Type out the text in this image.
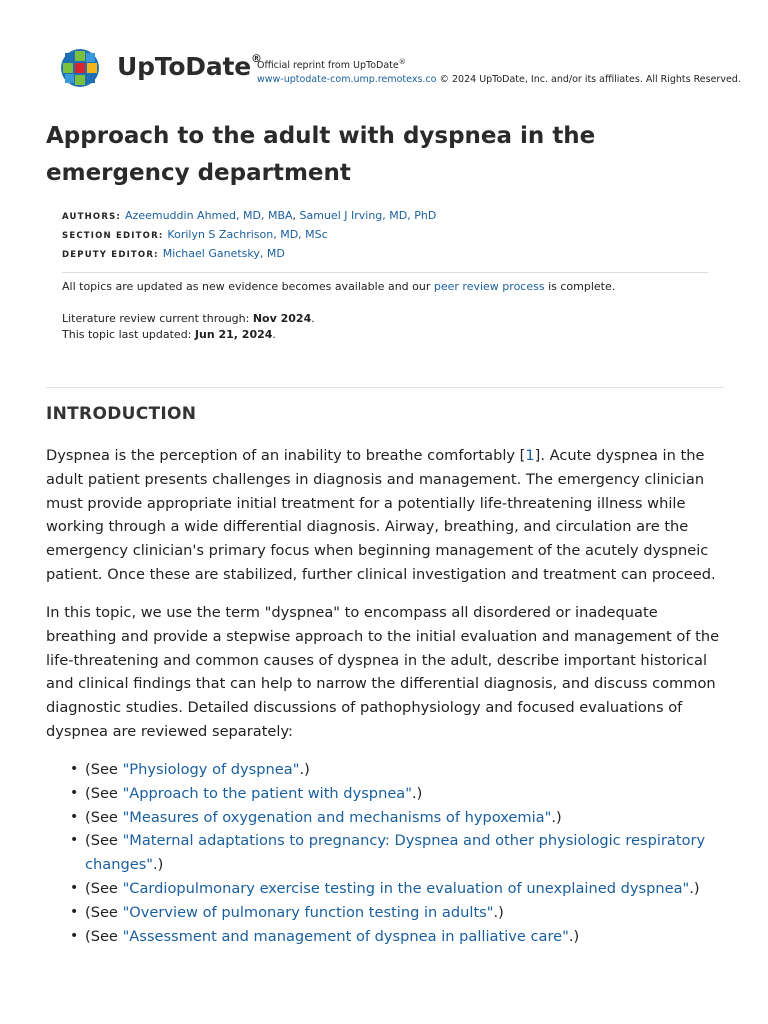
UpToDate®
Official reprint from UpToDate®
www-uptodate-com.ump.remotexs.co © 2024 UpToDate, Inc. and/or its affiliates. All Rights Reserved.
Approach to the adult with dyspnea in the emergency department
AUTHORS: Azeemuddin Ahmed, MD, MBA, Samuel J Irving, MD, PhD
SECTION EDITOR: Korilyn S Zachrison, MD, MSc
DEPUTY EDITOR: Michael Ganetsky, MD
All topics are updated as new evidence becomes available and our peer review process is complete.
Literature review current through: Nov 2024.
This topic last updated: Jun 21, 2024.
INTRODUCTION

Dyspnea is the perception of an inability to breathe comfortably [1]. Acute dyspnea in the adult patient presents challenges in diagnosis and management. The emergency clinician must provide appropriate initial treatment for a potentially life-threatening illness while working through a wide differential diagnosis. Airway, breathing, and circulation are the emergency clinician's primary focus when beginning management of the acutely dyspneic patient. Once these are stabilized, further clinical investigation and treatment can proceed.

In this topic, we use the term "dyspnea" to encompass all disordered or inadequate breathing and provide a stepwise approach to the initial evaluation and management of the life-threatening and common causes of dyspnea in the adult, describe important historical and clinical findings that can help to narrow the differential diagnosis, and discuss common diagnostic studies. Detailed discussions of pathophysiology and focused evaluations of dyspnea are reviewed separately:

• (See "Physiology of dyspnea".)
• (See "Approach to the patient with dyspnea".)
• (See "Measures of oxygenation and mechanisms of hypoxemia".)
• (See "Maternal adaptations to pregnancy: Dyspnea and other physiologic respiratory changes".)
• (See "Cardiopulmonary exercise testing in the evaluation of unexplained dyspnea".)
• (See "Overview of pulmonary function testing in adults".)
• (See "Assessment and management of dyspnea in palliative care".)
